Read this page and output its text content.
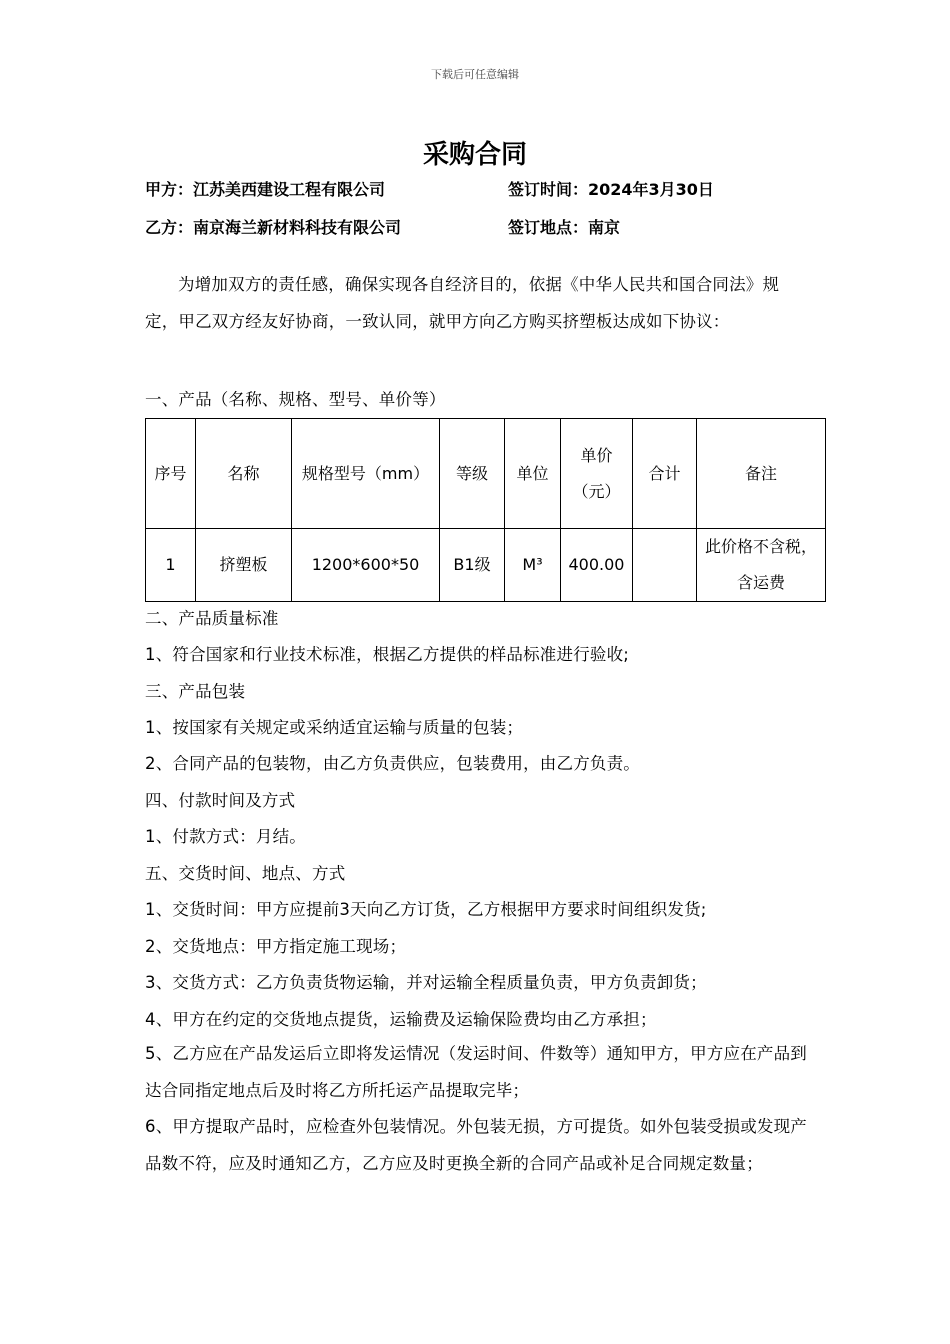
下载后可任意编辑
采购合同
甲方：江苏美西建设工程有限公司	签订时间：2024年3月30日
乙方：南京海兰新材料科技有限公司	签订地点：南京
为增加双方的责任感，确保实现各自经济目的，依据《中华人民共和国合同法》规定，甲乙双方经友好协商，一致认同，就甲方向乙方购买挤塑板达成如下协议：
一、产品（名称、规格、型号、单价等）
序号	名称	规格型号（mm）	等级	单位	单价（元）	合计	备注
1	挤塑板	1200*600*50	B1级	M³	400.00		此价格不含税，含运费
二、产品质量标准
1、符合国家和行业技术标准，根据乙方提供的样品标准进行验收;
三、产品包装
1、按国家有关规定或采纳适宜运输与质量的包装；
2、合同产品的包装物，由乙方负责供应，包装费用，由乙方负责。
四、付款时间及方式
1、付款方式：月结。
五、交货时间、地点、方式
1、交货时间：甲方应提前3天向乙方订货，乙方根据甲方要求时间组织发货;
2、交货地点：甲方指定施工现场；
3、交货方式：乙方负责货物运输，并对运输全程质量负责，甲方负责卸货；
4、甲方在约定的交货地点提货，运输费及运输保险费均由乙方承担；
5、乙方应在产品发运后立即将发运情况（发运时间、件数等）通知甲方，甲方应在产品到达合同指定地点后及时将乙方所托运产品提取完毕；
6、甲方提取产品时，应检查外包装情况。外包装无损，方可提货。如外包装受损或发现产品数不符，应及时通知乙方，乙方应及时更换全新的合同产品或补足合同规定数量；
